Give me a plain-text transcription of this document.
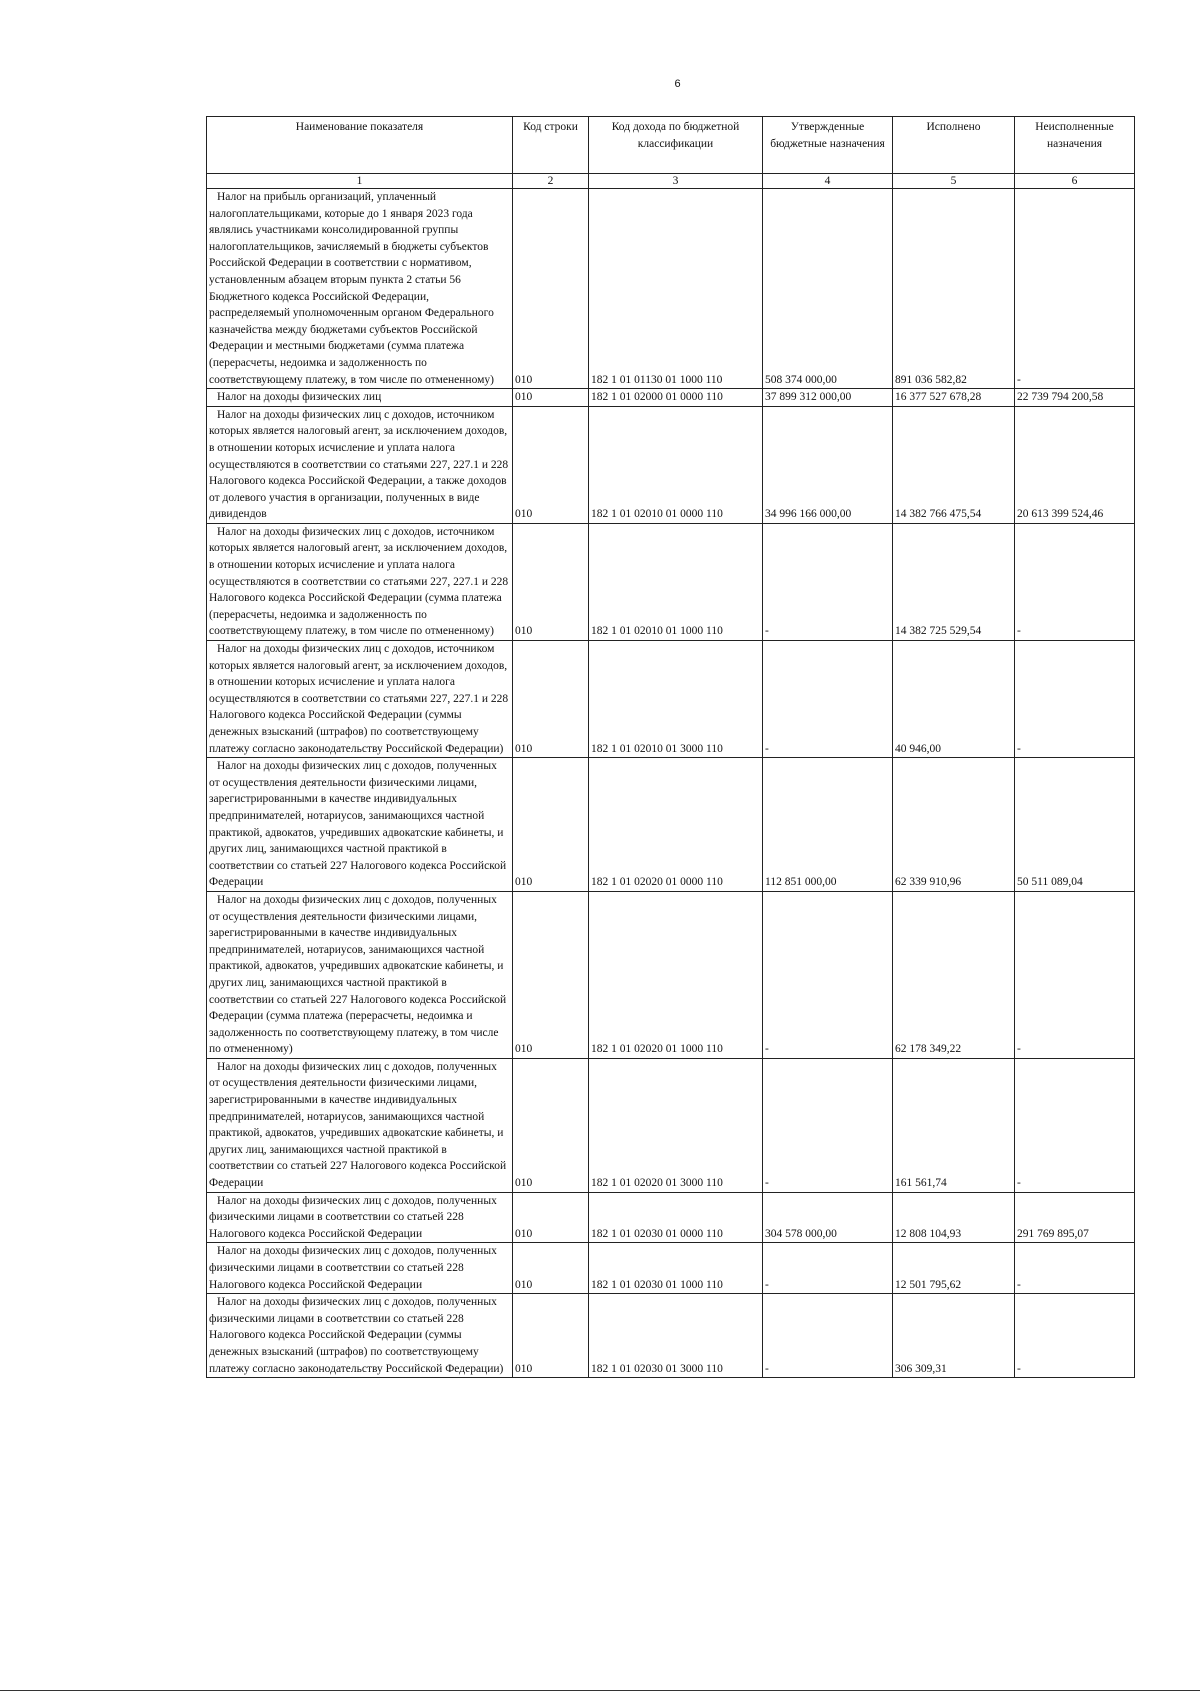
6
Наименование показателя	Код строки	Код дохода по бюджетной классификации	Утвержденные бюджетные назначения	Исполнено	Неисполненные назначения
1	2	3	4	5	6

Налог на прибыль организаций, уплаченный налогоплательщиками, которые до 1 января 2023 года являлись участниками консолидированной группы налогоплательщиков, зачисляемый в бюджеты субъектов Российской Федерации в соответствии с нормативом, установленным абзацем вторым пункта 2 статьи 56 Бюджетного кодекса Российской Федерации, распределяемый уполномоченным органом Федерального казначейства между бюджетами субъектов Российской Федерации и местными бюджетами (сумма платежа (перерасчеты, недоимка и задолженность по соответствующему платежу, в том числе по отмененному)	010	182 1 01 01130 01 1000 110	508 374 000,00	891 036 582,82	-

Налог на доходы физических лиц	010	182 1 01 02000 01 0000 110	37 899 312 000,00	16 377 527 678,28	22 739 794 200,58

Налог на доходы физических лиц с доходов, источником которых является налоговый агент, за исключением доходов, в отношении которых исчисление и уплата налога осуществляются в соответствии со статьями 227, 227.1 и 228 Налогового кодекса Российской Федерации, а также доходов от долевого участия в организации, полученных в виде дивидендов	010	182 1 01 02010 01 0000 110	34 996 166 000,00	14 382 766 475,54	20 613 399 524,46

Налог на доходы физических лиц с доходов, источником которых является налоговый агент, за исключением доходов, в отношении которых исчисление и уплата налога осуществляются в соответствии со статьями 227, 227.1 и 228 Налогового кодекса Российской Федерации (сумма платежа (перерасчеты, недоимка и задолженность по соответствующему платежу, в том числе по отмененному)	010	182 1 01 02010 01 1000 110	-	14 382 725 529,54	-

Налог на доходы физических лиц с доходов, источником которых является налоговый агент, за исключением доходов, в отношении которых исчисление и уплата налога осуществляются в соответствии со статьями 227, 227.1 и 228 Налогового кодекса Российской Федерации (суммы денежных взысканий (штрафов) по соответствующему платежу согласно законодательству Российской Федерации)	010	182 1 01 02010 01 3000 110	-	40 946,00	-

Налог на доходы физических лиц с доходов, полученных от осуществления деятельности физическими лицами, зарегистрированными в качестве индивидуальных предпринимателей, нотариусов, занимающихся частной практикой, адвокатов, учредивших адвокатские кабинеты, и других лиц, занимающихся частной практикой в соответствии со статьей 227 Налогового кодекса Российской Федерации	010	182 1 01 02020 01 0000 110	112 851 000,00	62 339 910,96	50 511 089,04

Налог на доходы физических лиц с доходов, полученных от осуществления деятельности физическими лицами, зарегистрированными в качестве индивидуальных предпринимателей, нотариусов, занимающихся частной практикой, адвокатов, учредивших адвокатские кабинеты, и других лиц, занимающихся частной практикой в соответствии со статьей 227 Налогового кодекса Российской Федерации (сумма платежа (перерасчеты, недоимка и задолженность по соответствующему платежу, в том числе по отмененному)	010	182 1 01 02020 01 1000 110	-	62 178 349,22	-

Налог на доходы физических лиц с доходов, полученных от осуществления деятельности физическими лицами, зарегистрированными в качестве индивидуальных предпринимателей, нотариусов, занимающихся частной практикой, адвокатов, учредивших адвокатские кабинеты, и других лиц, занимающихся частной практикой в соответствии со статьей 227 Налогового кодекса Российской Федерации	010	182 1 01 02020 01 3000 110	-	161 561,74	-

Налог на доходы физических лиц с доходов, полученных физическими лицами в соответствии со статьей 228 Налогового кодекса Российской Федерации	010	182 1 01 02030 01 0000 110	304 578 000,00	12 808 104,93	291 769 895,07

Налог на доходы физических лиц с доходов, полученных физическими лицами в соответствии со статьей 228 Налогового кодекса Российской Федерации	010	182 1 01 02030 01 1000 110	-	12 501 795,62	-

Налог на доходы физических лиц с доходов, полученных физическими лицами в соответствии со статьей 228 Налогового кодекса Российской Федерации (суммы денежных взысканий (штрафов) по соответствующему платежу согласно законодательству Российской Федерации)	010	182 1 01 02030 01 3000 110	-	306 309,31	-
